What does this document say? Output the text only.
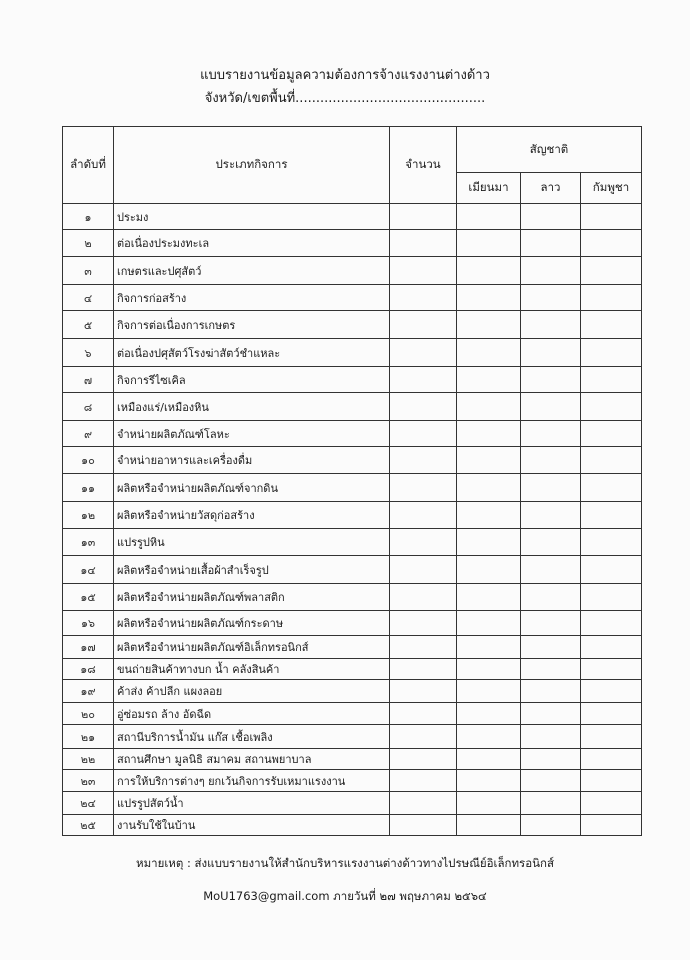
แบบรายงานข้อมูลความต้องการจ้างแรงงานต่างด้าว
จังหวัด/เขตพื้นที่..............................................
ลำดับที่	ประเภทกิจการ	จำนวน	สัญชาติ		
			เมียนมา	ลาว	กัมพูชา
๑	ประมง				
๒	ต่อเนื่องประมงทะเล				
๓	เกษตรและปศุสัตว์				
๔	กิจการก่อสร้าง				
๕	กิจการต่อเนื่องการเกษตร				
๖	ต่อเนื่องปศุสัตว์โรงฆ่าสัตว์ชำแหละ				
๗	กิจการรีไซเคิล				
๘	เหมืองแร่/เหมืองหิน				
๙	จำหน่ายผลิตภัณฑ์โลหะ				
๑๐	จำหน่ายอาหารและเครื่องดื่ม				
๑๑	ผลิตหรือจำหน่ายผลิตภัณฑ์จากดิน				
๑๒	ผลิตหรือจำหน่ายวัสดุก่อสร้าง				
๑๓	แปรรูปหิน				
๑๔	ผลิตหรือจำหน่ายเสื้อผ้าสำเร็จรูป				
๑๕	ผลิตหรือจำหน่ายผลิตภัณฑ์พลาสติก				
๑๖	ผลิตหรือจำหน่ายผลิตภัณฑ์กระดาษ				
๑๗	ผลิตหรือจำหน่ายผลิตภัณฑ์อิเล็กทรอนิกส์				
๑๘	ขนถ่ายสินค้าทางบก น้ำ คลังสินค้า				
๑๙	ค้าส่ง ค้าปลีก แผงลอย				
๒๐	อู่ซ่อมรถ ล้าง อัดฉีด				
๒๑	สถานีบริการน้ำมัน แก๊ส เชื้อเพลิง				
๒๒	สถานศึกษา มูลนิธิ สมาคม สถานพยาบาล				
๒๓	การให้บริการต่างๆ ยกเว้นกิจการรับเหมาแรงงาน				
๒๔	แปรรูปสัตว์น้ำ				
๒๕	งานรับใช้ในบ้าน				
หมายเหตุ : ส่งแบบรายงานให้สำนักบริหารแรงงานต่างด้าวทางไปรษณีย์อิเล็กทรอนิกส์
MoU1763@gmail.com ภายวันที่ ๒๗ พฤษภาคม ๒๕๖๔
